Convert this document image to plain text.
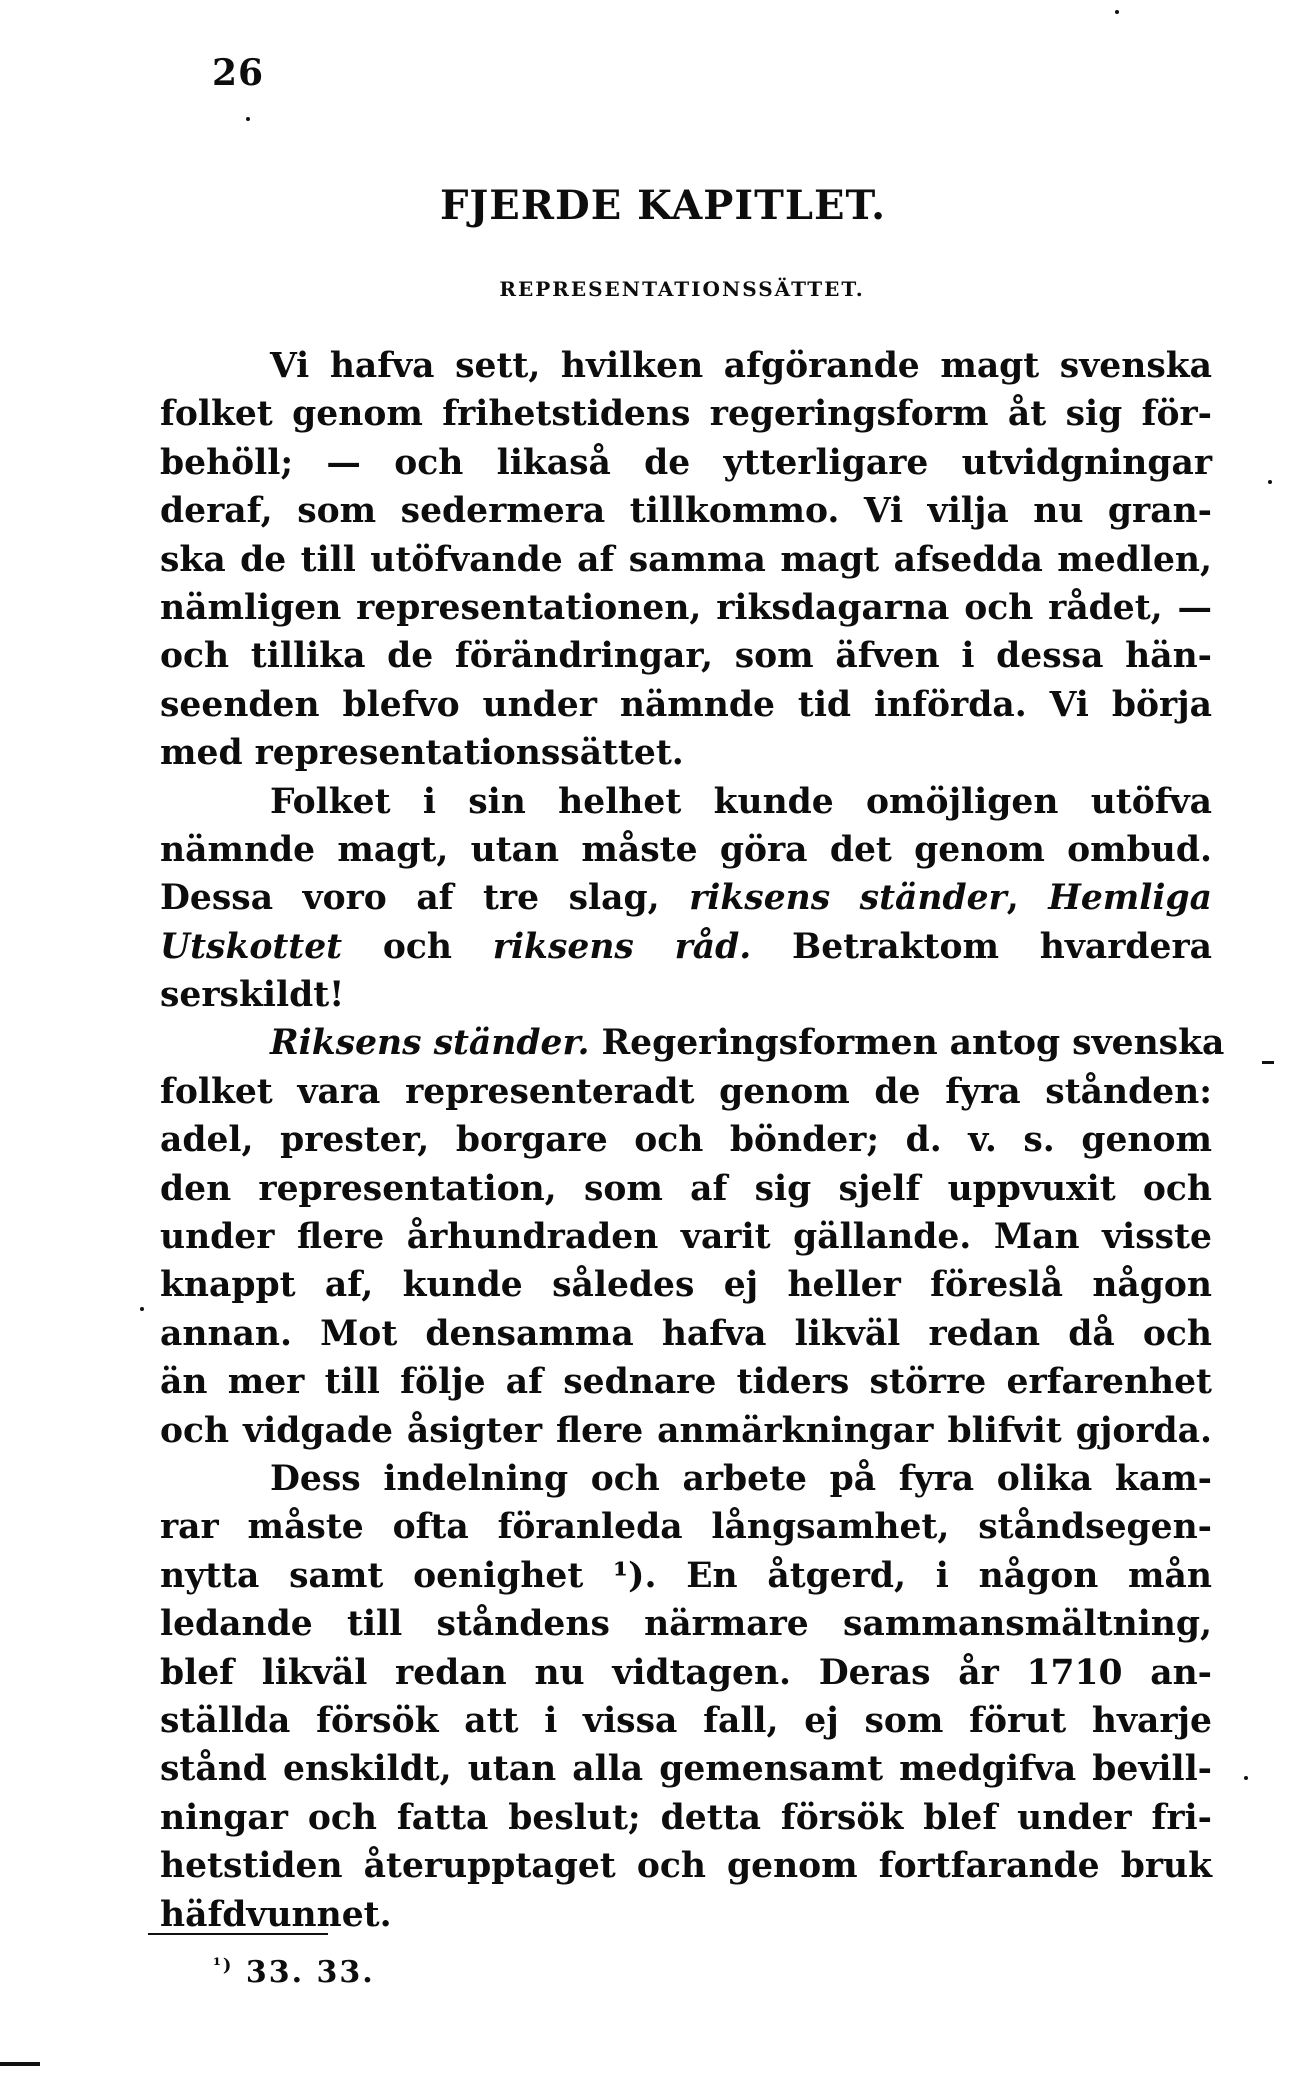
26
FJERDE KAPITLET.
REPRESENTATIONSSÄTTET.
Vi hafva sett, hvilken afgörande magt svenska
folket genom frihetstidens regeringsform åt sig för-
behöll; — och likaså de ytterligare utvidgningar
deraf, som sedermera tillkommo. Vi vilja nu gran-
ska de till utöfvande af samma magt afsedda medlen,
nämligen representationen, riksdagarna och rådet, —
och tillika de förändringar, som äfven i dessa hän-
seenden blefvo under nämnde tid införda. Vi börja
med representationssättet.
Folket i sin helhet kunde omöjligen utöfva
nämnde magt, utan måste göra det genom ombud.
Dessa voro af tre slag, riksens ständer, Hemliga
Utskottet och riksens råd. Betraktom hvardera
serskildt!
Riksens ständer. Regeringsformen antog svenska
folket vara representeradt genom de fyra stånden:
adel, prester, borgare och bönder; d. v. s. genom
den representation, som af sig sjelf uppvuxit och
under flere århundraden varit gällande. Man visste
knappt af, kunde således ej heller föreslå någon
annan. Mot densamma hafva likväl redan då och
än mer till följe af sednare tiders större erfarenhet
och vidgade åsigter flere anmärkningar blifvit gjorda.
Dess indelning och arbete på fyra olika kam-
rar måste ofta föranleda långsamhet, ståndsegen-
nytta samt oenighet ¹). En åtgerd, i någon mån
ledande till ståndens närmare sammansmältning,
blef likväl redan nu vidtagen. Deras år 1710 an-
ställda försök att i vissa fall, ej som förut hvarje
stånd enskildt, utan alla gemensamt medgifva bevill-
ningar och fatta beslut; detta försök blef under fri-
hetstiden återupptaget och genom fortfarande bruk
häfdvunnet.
$^{^1)}$ 33. 33.
